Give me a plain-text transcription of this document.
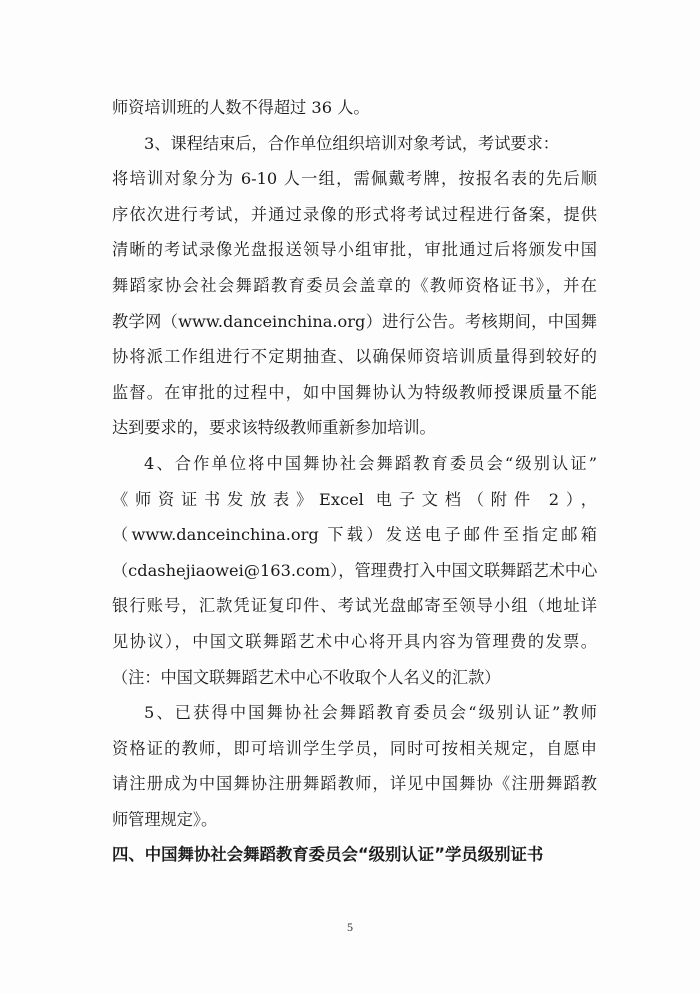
师资培训班的人数不得超过 36 人。
3、课程结束后，合作单位组织培训对象考试，考试要求：
将培训对象分为 6-10 人一组，需佩戴考牌，按报名表的先后顺
序依次进行考试，并通过录像的形式将考试过程进行备案，提供
清晰的考试录像光盘报送领导小组审批，审批通过后将颁发中国
舞蹈家协会社会舞蹈教育委员会盖章的《教师资格证书》，并在
教学网（www.danceinchina.org）进行公告。考核期间，中国舞
协将派工作组进行不定期抽查、以确保师资培训质量得到较好的
监督。在审批的过程中，如中国舞协认为特级教师授课质量不能
达到要求的，要求该特级教师重新参加培训。
4、合作单位将中国舞协社会舞蹈教育委员会“级别认证”
《师资证书发放表》Excel 电子文档（附件 2），
（www.danceinchina.org 下载）发送电子邮件至指定邮箱
（cdashejiaowei@163.com），管理费打入中国文联舞蹈艺术中心
银行账号，汇款凭证复印件、考试光盘邮寄至领导小组（地址详
见协议），中国文联舞蹈艺术中心将开具内容为管理费的发票。
（注：中国文联舞蹈艺术中心不收取个人名义的汇款）
5、已获得中国舞协社会舞蹈教育委员会“级别认证”教师
资格证的教师，即可培训学生学员，同时可按相关规定，自愿申
请注册成为中国舞协注册舞蹈教师，详见中国舞协《注册舞蹈教
师管理规定》。
四、中国舞协社会舞蹈教育委员会“级别认证”学员级别证书
5
